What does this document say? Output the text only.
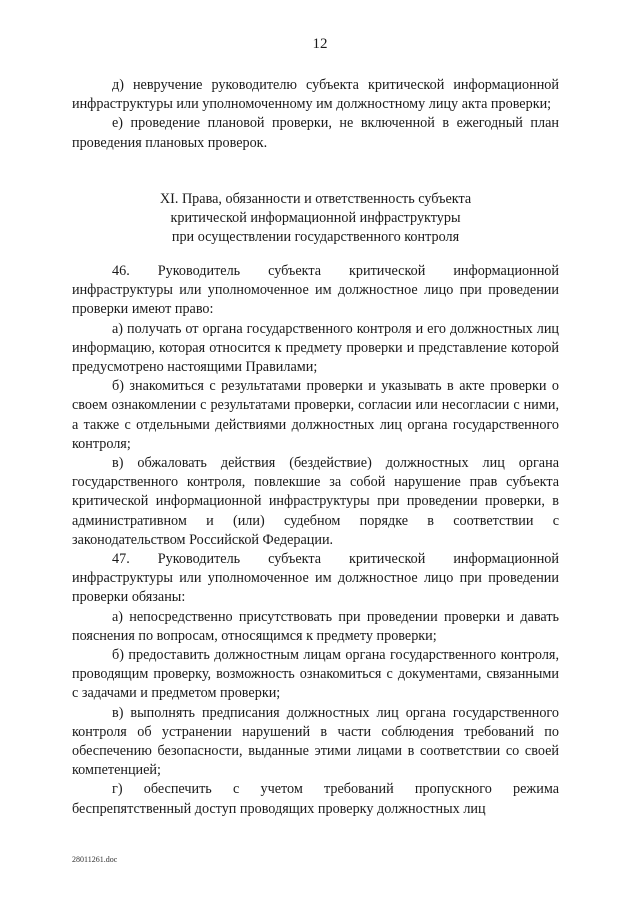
12

д) невручение руководителю субъекта критической информационной инфраструктуры или уполномоченному им должностному лицу акта проверки;

е) проведение плановой проверки, не включенной в ежегодный план проведения плановых проверок.

XI. Права, обязанности и ответственность субъекта
критической информационной инфраструктуры
при осуществлении государственного контроля

46. Руководитель субъекта критической информационной инфраструктуры или уполномоченное им должностное лицо при проведении проверки имеют право:

а) получать от органа государственного контроля и его должностных лиц информацию, которая относится к предмету проверки и представление которой предусмотрено настоящими Правилами;

б) знакомиться с результатами проверки и указывать в акте проверки о своем ознакомлении с результатами проверки, согласии или несогласии с ними, а также с отдельными действиями должностных лиц органа государственного контроля;

в) обжаловать действия (бездействие) должностных лиц органа государственного контроля, повлекшие за собой нарушение прав субъекта критической информационной инфраструктуры при проведении проверки, в административном и (или) судебном порядке в соответствии с законодательством Российской Федерации.

47. Руководитель субъекта критической информационной инфраструктуры или уполномоченное им должностное лицо при проведении проверки обязаны:

а) непосредственно присутствовать при проведении проверки и давать пояснения по вопросам, относящимся к предмету проверки;

б) предоставить должностным лицам органа государственного контроля, проводящим проверку, возможность ознакомиться с документами, связанными с задачами и предметом проверки;

в) выполнять предписания должностных лиц органа государственного контроля об устранении нарушений в части соблюдения требований по обеспечению безопасности, выданные этими лицами в соответствии со своей компетенцией;

г) обеспечить с учетом требований пропускного режима беспрепятственный доступ проводящих проверку должностных лиц

28011261.doc
